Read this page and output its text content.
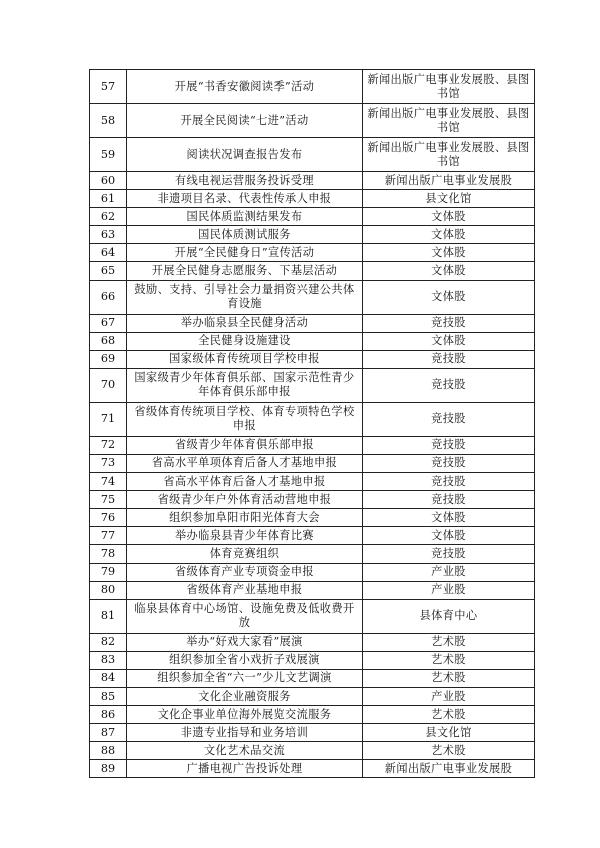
57	开展“书香安徽阅读季”活动	新闻出版广电事业发展股、县图书馆
58	开展全民阅读“七进”活动	新闻出版广电事业发展股、县图书馆
59	阅读状况调查报告发布	新闻出版广电事业发展股、县图书馆
60	有线电视运营服务投诉受理	新闻出版广电事业发展股
61	非遗项目名录、代表性传承人申报	县文化馆
62	国民体质监测结果发布	文体股
63	国民体质测试服务	文体股
64	开展“全民健身日”宣传活动	文体股
65	开展全民健身志愿服务、下基层活动	文体股
66	鼓励、支持、引导社会力量捐资兴建公共体育设施	文体股
67	举办临泉县全民健身活动	竞技股
68	全民健身设施建设	文体股
69	国家级体育传统项目学校申报	竞技股
70	国家级青少年体育俱乐部、国家示范性青少年体育俱乐部申报	竞技股
71	省级体育传统项目学校、体育专项特色学校申报	竞技股
72	省级青少年体育俱乐部申报	竞技股
73	省高水平单项体育后备人才基地申报	竞技股
74	省高水平体育后备人才基地申报	竞技股
75	省级青少年户外体育活动营地申报	竞技股
76	组织参加阜阳市阳光体育大会	文体股
77	举办临泉县青少年体育比赛	文体股
78	体育竞赛组织	竞技股
79	省级体育产业专项资金申报	产业股
80	省级体育产业基地申报	产业股
81	临泉县体育中心场馆、设施免费及低收费开放	县体育中心
82	举办“好戏大家看”展演	艺术股
83	组织参加全省小戏折子戏展演	艺术股
84	组织参加全省“六一”少儿文艺调演	艺术股
85	文化企业融资服务	产业股
86	文化企事业单位海外展览交流服务	艺术股
87	非遗专业指导和业务培训	县文化馆
88	文化艺术品交流	艺术股
89	广播电视广告投诉处理	新闻出版广电事业发展股
